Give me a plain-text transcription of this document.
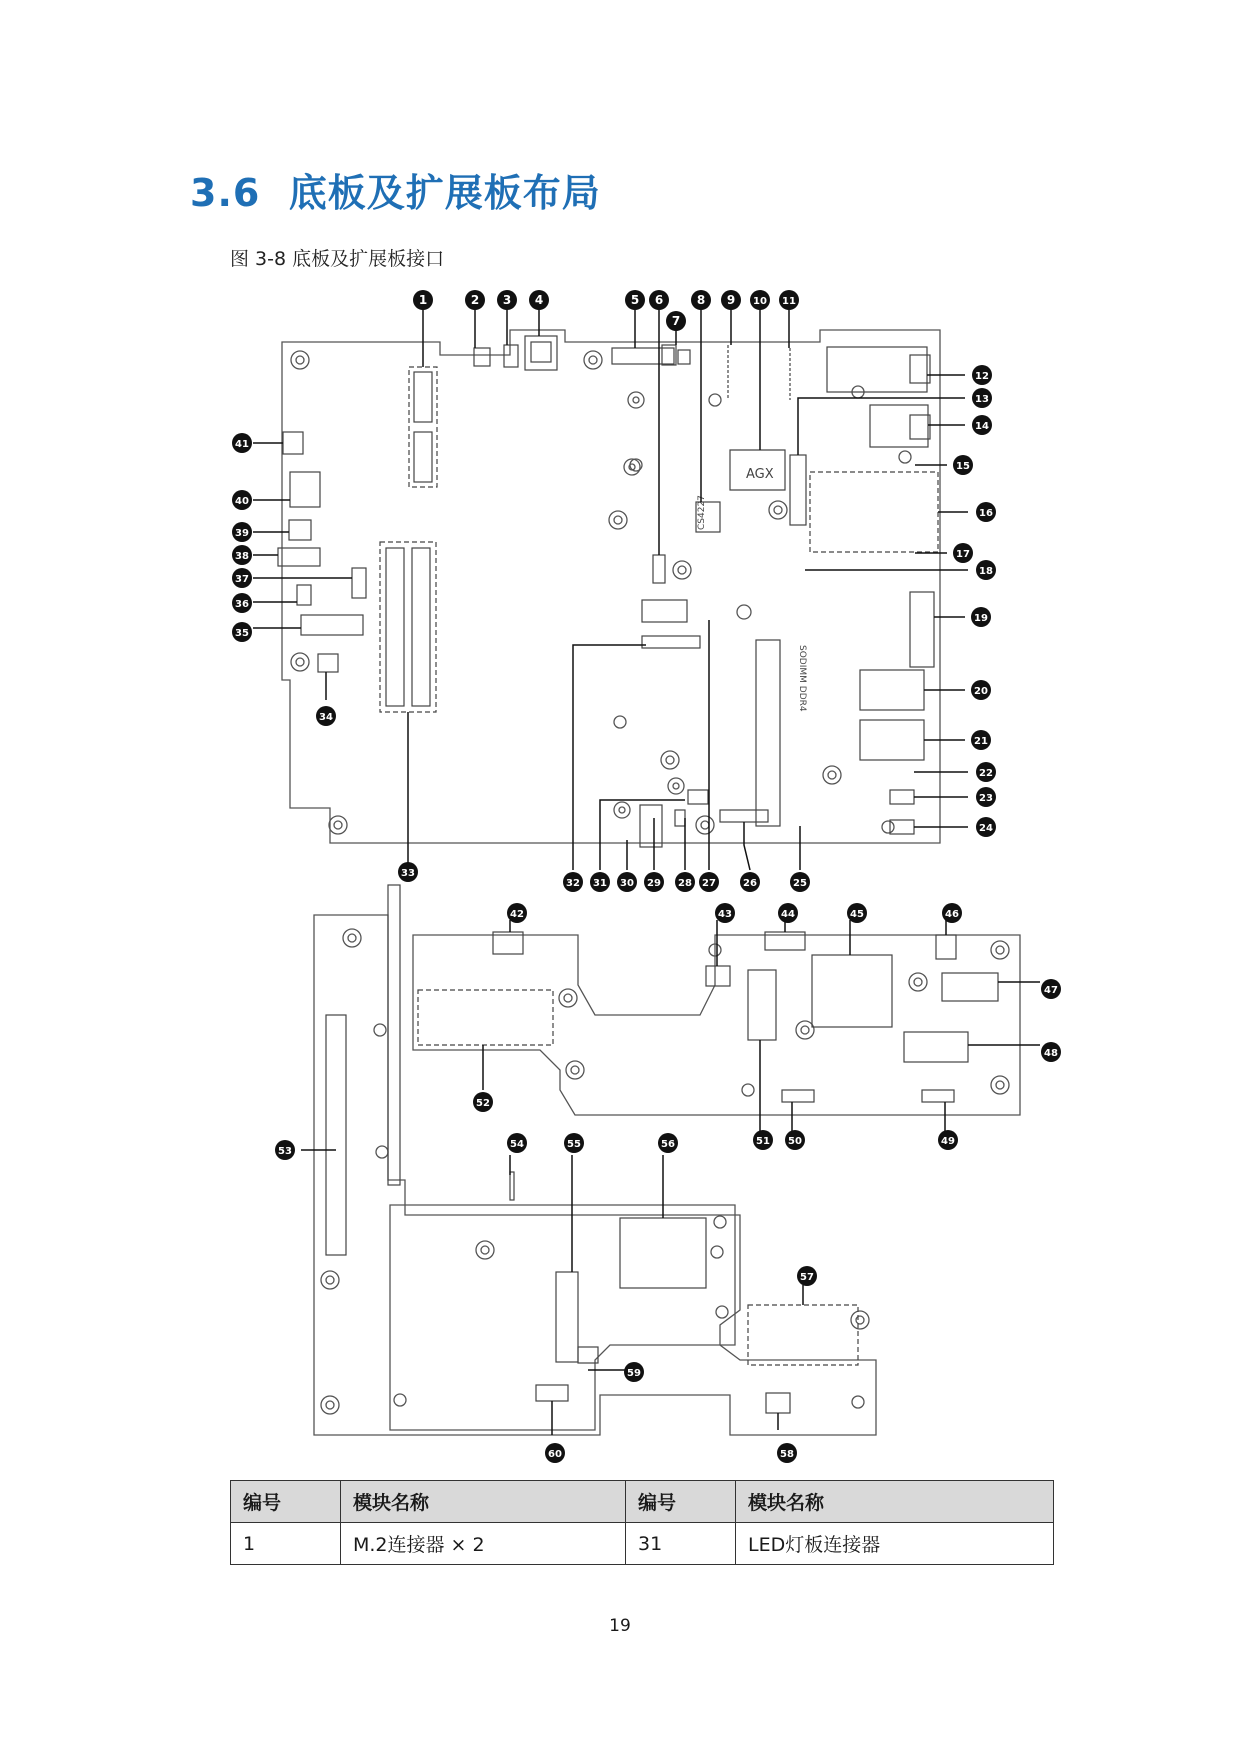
3.6 底板及扩展板布局
图 3-8 底板及扩展板接口
CS4227
AGX
SODIMM DDR4
1	2 3 4	5 6
7
8 9 10 11
12
13
14
15
16
17
18
19
20
21
22
23
24
25
26
27
28
29
30
31
32
33
34
35
36
37
38
39
40
41
42	43	44	45	46
47
48
49
50
51
52
53
54	55	56
57
58
59
60
编号	模块名称	编号	模块名称
1	M.2连接器 × 2	31	LED灯板连接器
19
